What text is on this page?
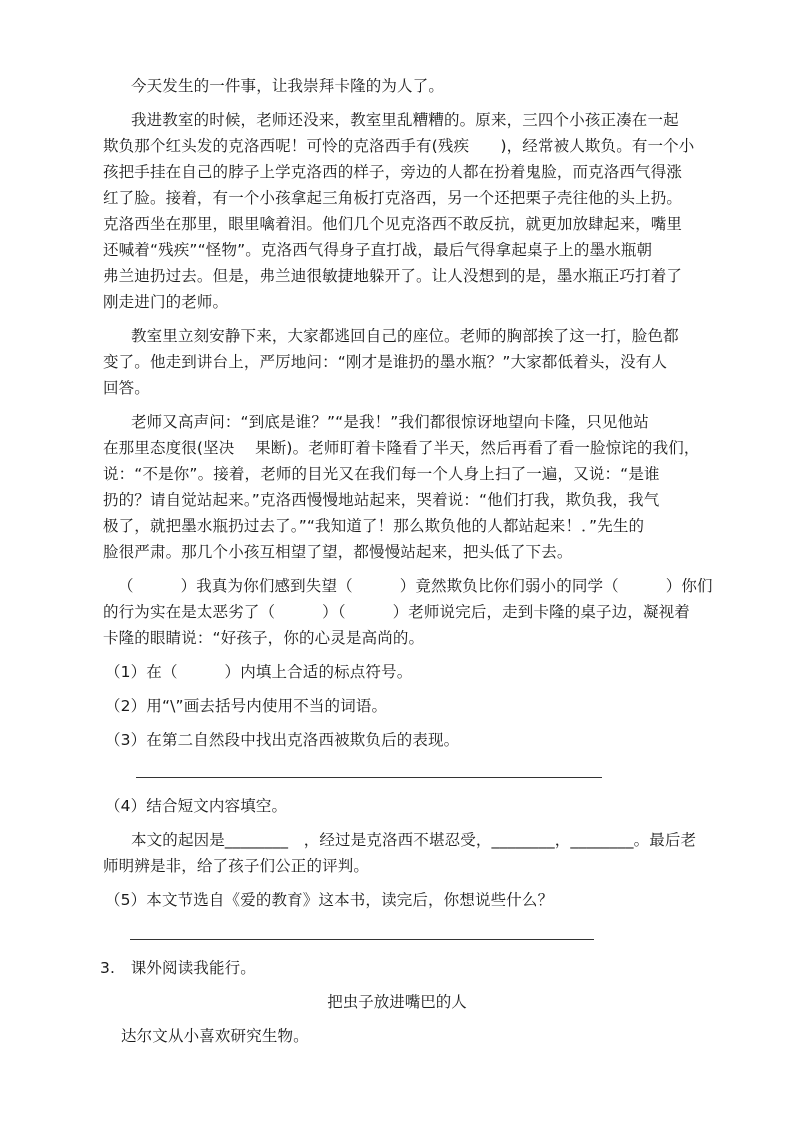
今天发生的一件事，让我崇拜卡隆的为人了。
我进教室的时候，老师还没来，教室里乱糟糟的。原来，三四个小孩正凑在一起
欺负那个红头发的克洛西呢！可怜的克洛西手有(残疾　　)，经常被人欺负。有一个小
孩把手挂在自己的脖子上学克洛西的样子，旁边的人都在扮着鬼脸，而克洛西气得涨
红了脸。接着，有一个小孩拿起三角板打克洛西，另一个还把栗子壳往他的头上扔。
克洛西坐在那里，眼里噙着泪。他们几个见克洛西不敢反抗，就更加放肆起来，嘴里
还喊着“残疾”“怪物”。克洛西气得身子直打战，最后气得拿起桌子上的墨水瓶朝
弗兰迪扔过去。但是，弗兰迪很敏捷地躲开了。让人没想到的是，墨水瓶正巧打着了
刚走进门的老师。
教室里立刻安静下来，大家都逃回自己的座位。老师的胸部挨了这一打，脸色都
变了。他走到讲台上，严厉地问：“刚才是谁扔的墨水瓶？”大家都低着头，没有人
回答。
老师又高声问：“到底是谁？”“是我！”我们都很惊讶地望向卡隆，只见他站
在那里态度很(坚决　 果断)。老师盯着卡隆看了半天，然后再看了看一脸惊诧的我们，
说：“不是你”。接着，老师的目光又在我们每一个人身上扫了一遍，又说：“是谁
扔的？请自觉站起来。”克洛西慢慢地站起来，哭着说：“他们打我，欺负我，我气
极了，就把墨水瓶扔过去了。”“我知道了！那么欺负他的人都站起来！．”先生的
脸很严肃。那几个小孩互相望了望，都慢慢站起来，把头低了下去。
（　　　）我真为你们感到失望（　　　）竟然欺负比你们弱小的同学（　　　）你们
的行为实在是太恶劣了（　　　）（　　　）老师说完后，走到卡隆的桌子边，凝视着
卡隆的眼睛说：“好孩子，你的心灵是高尚的。
（1）在（　　　）内填上合适的标点符号。
（2）用“\”画去括号内使用不当的词语。
（3）在第二自然段中找出克洛西被欺负后的表现。
（4）结合短文内容填空。
本文的起因是________　，经过是克洛西不堪忍受，________，________。最后老
师明辨是非，给了孩子们公正的评判。
（5）本文节选自《爱的教育》这本书，读完后，你想说些什么？
3.　课外阅读我能行。
把虫子放进嘴巴的人
达尔文从小喜欢研究生物。
